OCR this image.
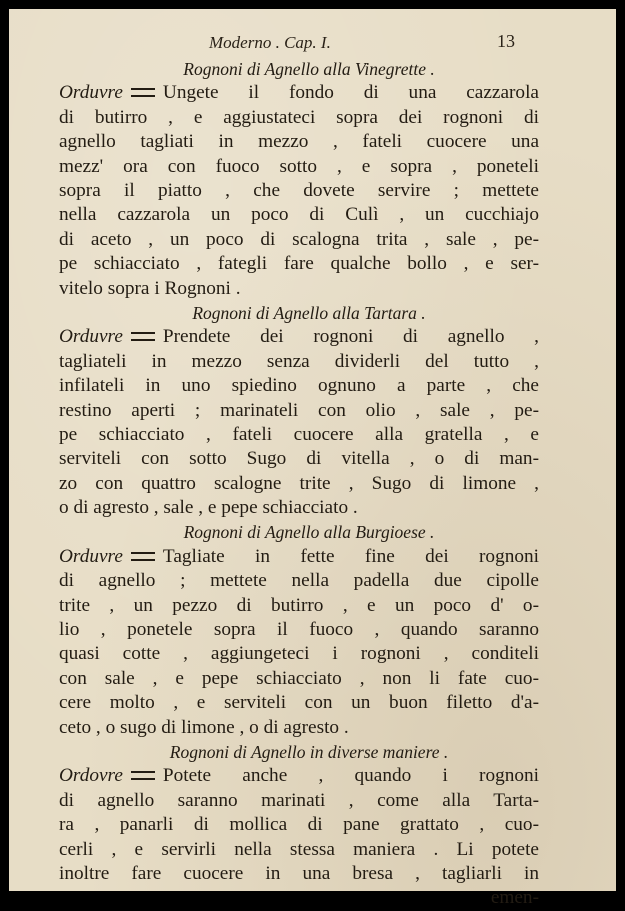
Moderno . Cap. I.	13
Rognoni di Agnello alla Vinegrette .
Orduvre Ungete il fondo di una cazzarola
di butirro , e aggiustateci sopra dei rognoni di
agnello tagliati in mezzo , fateli cuocere una
mezz' ora con fuoco sotto , e sopra , poneteli
sopra il piatto , che dovete servire ; mettete
nella cazzarola un poco di Culì , un cucchiajo
di aceto , un poco di scalogna trita , sale , pe-
pe schiacciato , fategli fare qualche bollo , e ser-
vitelo sopra i Rognoni .
Rognoni di Agnello alla Tartara .
Orduvre Prendete dei rognoni di agnello ,
tagliateli in mezzo senza dividerli del tutto ,
infilateli in uno spiedino ognuno a parte , che
restino aperti ; marinateli con olio , sale , pe-
pe schiacciato , fateli cuocere alla gratella , e
serviteli con sotto Sugo di vitella , o di man-
zo con quattro scalogne trite , Sugo di limone ,
o di agresto , sale , e pepe schiacciato .
Rognoni di Agnello alla Burgioese .
Orduvre Tagliate in fette fine dei rognoni
di agnello ; mettete nella padella due cipolle
trite , un pezzo di butirro , e un poco d' o-
lio , ponetele sopra il fuoco , quando saranno
quasi cotte , aggiungeteci i rognoni , conditeli
con sale , e pepe schiacciato , non li fate cuo-
cere molto , e serviteli con un buon filetto d'a-
ceto , o sugo di limone , o di agresto .
Rognoni di Agnello in diverse maniere .
Ordovre Potete anche , quando i rognoni
di agnello saranno marinati , come alla Tarta-
ra , panarli di mollica di pane grattato , cuo-
cerli , e servirli nella stessa maniera . Li potete
inoltre fare cuocere in una bresa , tagliarli in
emen-
